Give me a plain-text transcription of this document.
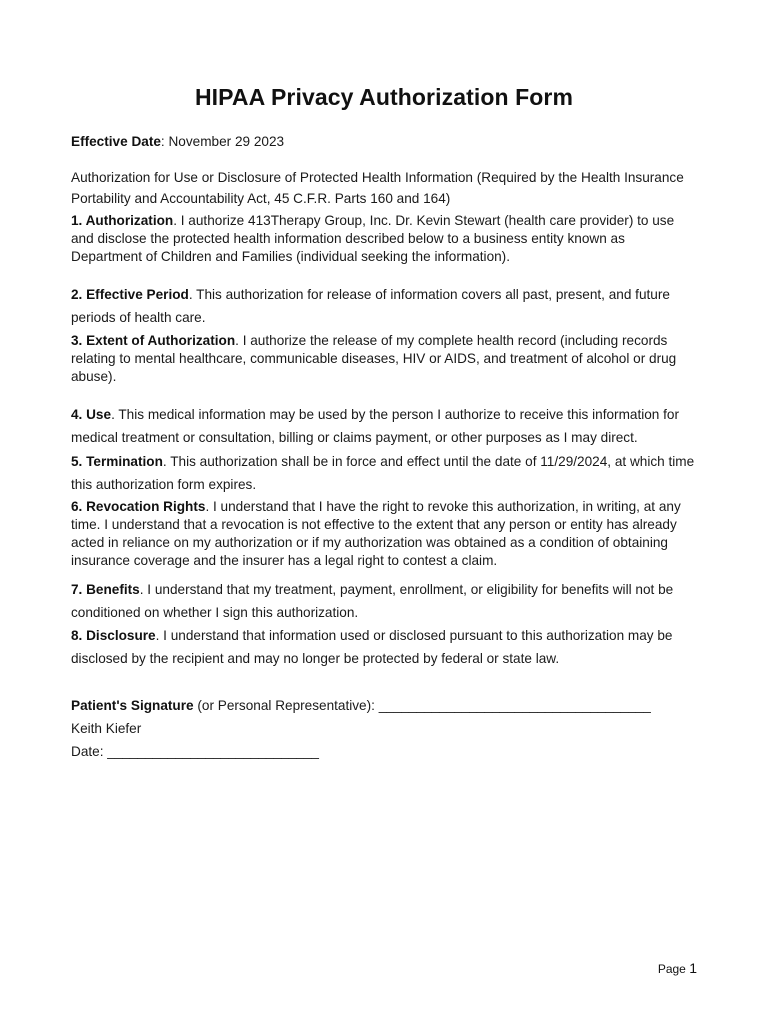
HIPAA Privacy Authorization Form

Effective Date: November 29 2023

Authorization for Use or Disclosure of Protected Health Information (Required by the Health Insurance Portability and Accountability Act, 45 C.F.R. Parts 160 and 164)

1. Authorization. I authorize 413Therapy Group, Inc. Dr. Kevin Stewart (health care provider) to use and disclose the protected health information described below to a business entity known as Department of Children and Families (individual seeking the information).

2. Effective Period. This authorization for release of information covers all past, present, and future periods of health care.

3. Extent of Authorization. I authorize the release of my complete health record (including records relating to mental healthcare, communicable diseases, HIV or AIDS, and treatment of alcohol or drug abuse).

4. Use. This medical information may be used by the person I authorize to receive this information for medical treatment or consultation, billing or claims payment, or other purposes as I may direct.

5. Termination. This authorization shall be in force and effect until the date of 11/29/2024, at which time this authorization form expires.

6. Revocation Rights. I understand that I have the right to revoke this authorization, in writing, at any time. I understand that a revocation is not effective to the extent that any person or entity has already acted in reliance on my authorization or if my authorization was obtained as a condition of obtaining insurance coverage and the insurer has a legal right to contest a claim.

7. Benefits. I understand that my treatment, payment, enrollment, or eligibility for benefits will not be conditioned on whether I sign this authorization.

8. Disclosure. I understand that information used or disclosed pursuant to this authorization may be disclosed by the recipient and may no longer be protected by federal or state law.

Patient's Signature (or Personal Representative): ____________________________________

Keith Kiefer

Date: ____________________________

Page 1
